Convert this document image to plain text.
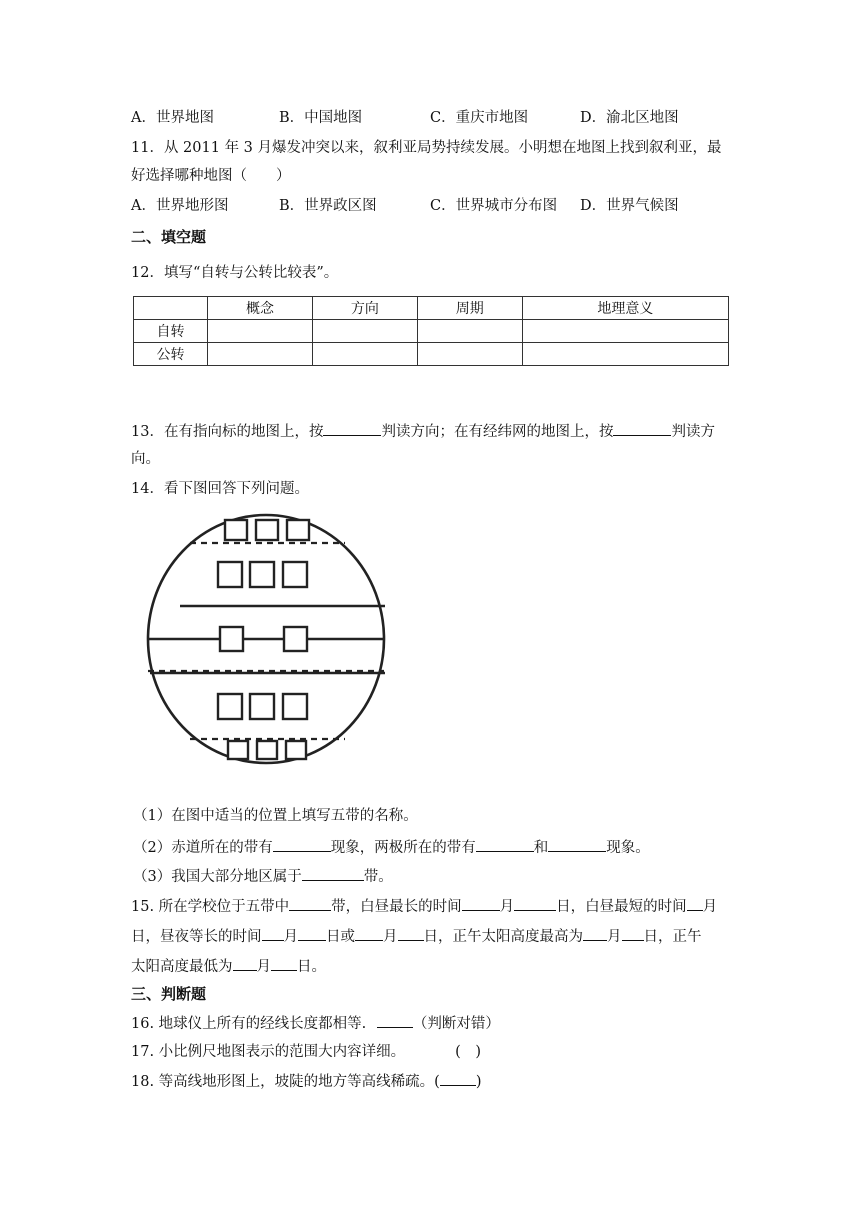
A．世界地图	B．中国地图	C．重庆市地图	D．渝北区地图
11．从 2011 年 3 月爆发冲突以来，叙利亚局势持续发展。小明想在地图上找到叙利亚，最
好选择哪种地图（　　）
A．世界地形图	B．世界政区图	C．世界城市分布图 D．世界气候图
二、填空题
12．填写“自转与公转比较表”。
	概念	方向	周期	地理意义
自转				
公转				
13．在有指向标的地图上，按	判读方向；在有经纬网的地图上，按	判读方
向。
14．看下图回答下列问题。
（1）在图中适当的位置上填写五带的名称。
（2）赤道所在的带有	现象，两极所在的带有	和	现象。
（3）我国大部分地区属于	带。
15. 所在学校位于五带中	带，白昼最长的时间	月	日，白昼最短的时间 月
日，昼夜等长的时间 月 日或 月 日，正午太阳高度最高为 月 日，正午
太阳高度最低为 月 日。
三、判断题
16. 地球仪上所有的经线长度都相等.	（判断对错）
17. 小比例尺地图表示的范围大内容详细。	(　)
18. 等高线地形图上，坡陡的地方等高线稀疏。( )
